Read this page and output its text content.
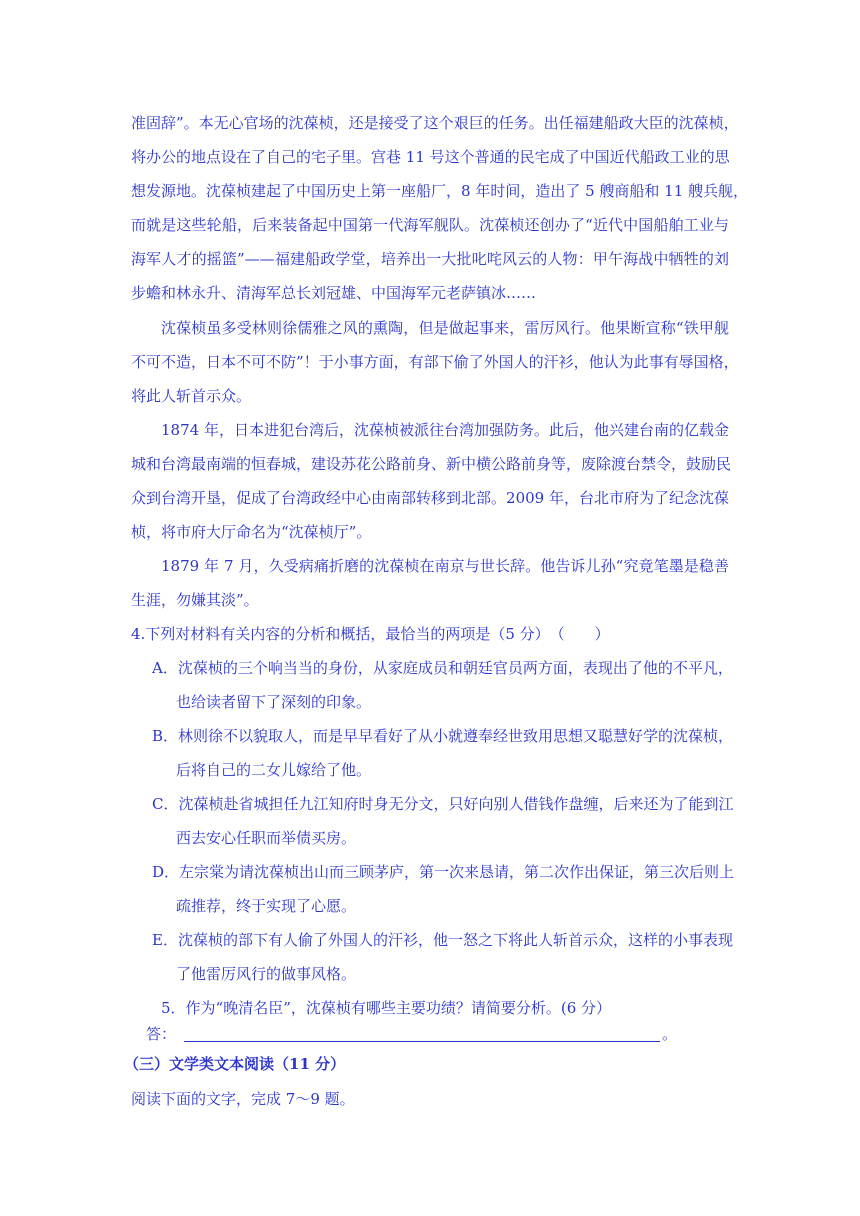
准固辞”。本无心官场的沈葆桢，还是接受了这个艰巨的任务。出任福建船政大臣的沈葆桢，
将办公的地点设在了自己的宅子里。宫巷 11 号这个普通的民宅成了中国近代船政工业的思
想发源地。沈葆桢建起了中国历史上第一座船厂，8 年时间，造出了 5 艘商船和 11 艘兵舰，
而就是这些轮船，后来装备起中国第一代海军舰队。沈葆桢还创办了“近代中国船舶工业与
海军人才的摇篮”——福建船政学堂，培养出一大批叱咤风云的人物：甲午海战中牺牲的刘
步蟾和林永升、清海军总长刘冠雄、中国海军元老萨镇冰……
沈葆桢虽多受林则徐儒雅之风的熏陶，但是做起事来，雷厉风行。他果断宣称“铁甲舰
不可不造，日本不可不防”！于小事方面，有部下偷了外国人的汗衫，他认为此事有辱国格，
将此人斩首示众。
1874 年，日本进犯台湾后，沈葆桢被派往台湾加强防务。此后，他兴建台南的亿载金
城和台湾最南端的恒春城，建设苏花公路前身、新中横公路前身等，废除渡台禁令，鼓励民
众到台湾开垦，促成了台湾政经中心由南部转移到北部。2009 年，台北市府为了纪念沈葆
桢，将市府大厅命名为“沈葆桢厅”。
1879 年 7 月，久受病痛折磨的沈葆桢在南京与世长辞。他告诉儿孙“究竟笔墨是稳善
生涯，勿嫌其淡”。
4.下列对材料有关内容的分析和概括，最恰当的两项是（5 分）　（　　）
A．沈葆桢的三个响当当的身份，从家庭成员和朝廷官员两方面，表现出了他的不平凡，
也给读者留下了深刻的印象。
B．林则徐不以貌取人，而是早早看好了从小就遵奉经世致用思想又聪慧好学的沈葆桢，
后将自己的二女儿嫁给了他。
C．沈葆桢赴省城担任九江知府时身无分文，只好向别人借钱作盘缠，后来还为了能到江
西去安心任职而举债买房。
D．左宗棠为请沈葆桢出山而三顾茅庐，第一次来恳请，第二次作出保证，第三次后则上
疏推荐，终于实现了心愿。
E．沈葆桢的部下有人偷了外国人的汗衫，他一怒之下将此人斩首示众，这样的小事表现
了他雷厉风行的做事风格。
5．作为“晚清名臣”，沈葆桢有哪些主要功绩？请简要分析。(6 分）
答：	。
（三）文学类文本阅读（11 分）
阅读下面的文字，完成 7～9 题。
